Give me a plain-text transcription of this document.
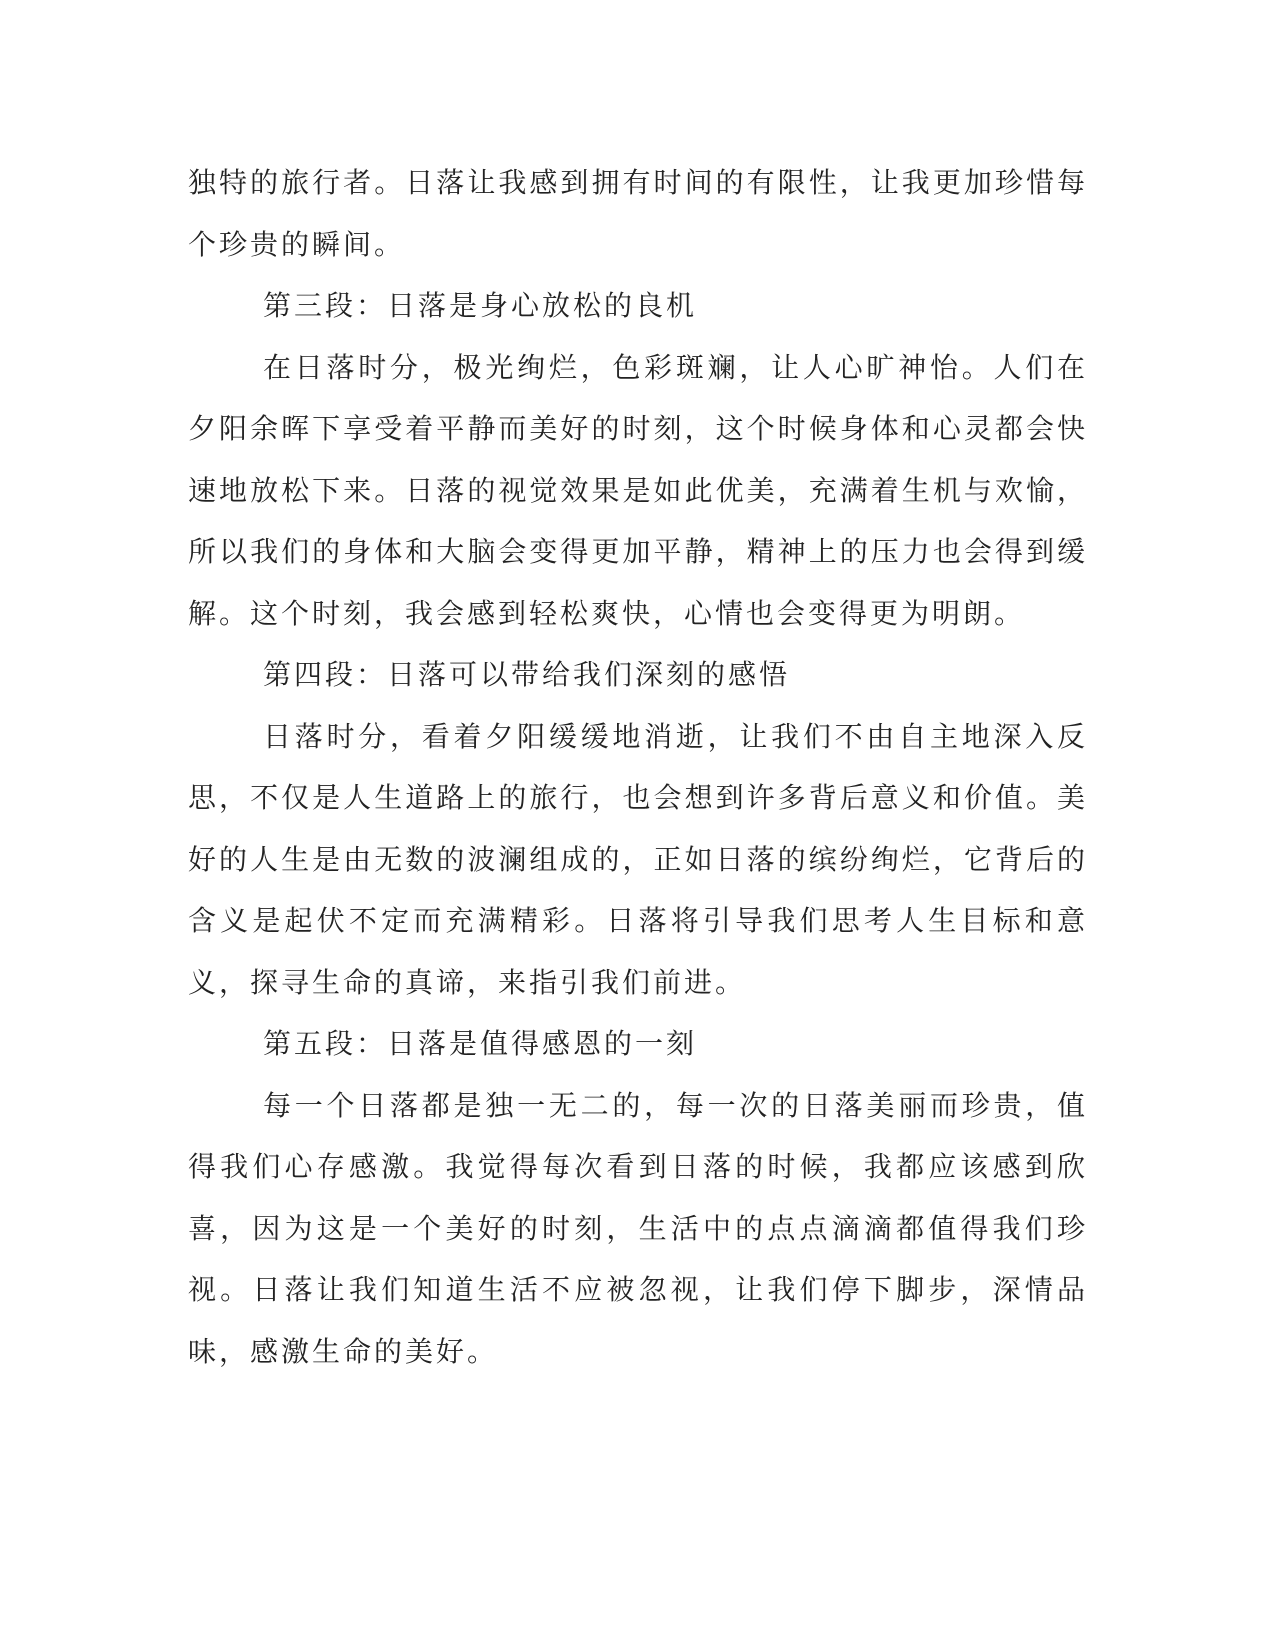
独特的旅行者。日落让我感到拥有时间的有限性，让我更加珍惜每个珍贵的瞬间。

第三段：日落是身心放松的良机

在日落时分，极光绚烂，色彩斑斓，让人心旷神怡。人们在夕阳余晖下享受着平静而美好的时刻，这个时候身体和心灵都会快速地放松下来。日落的视觉效果是如此优美，充满着生机与欢愉，所以我们的身体和大脑会变得更加平静，精神上的压力也会得到缓解。这个时刻，我会感到轻松爽快，心情也会变得更为明朗。

第四段：日落可以带给我们深刻的感悟

日落时分，看着夕阳缓缓地消逝，让我们不由自主地深入反思，不仅是人生道路上的旅行，也会想到许多背后意义和价值。美好的人生是由无数的波澜组成的，正如日落的缤纷绚烂，它背后的含义是起伏不定而充满精彩。日落将引导我们思考人生目标和意义，探寻生命的真谛，来指引我们前进。

第五段：日落是值得感恩的一刻

每一个日落都是独一无二的，每一次的日落美丽而珍贵，值得我们心存感激。我觉得每次看到日落的时候，我都应该感到欣喜，因为这是一个美好的时刻，生活中的点点滴滴都值得我们珍视。日落让我们知道生活不应被忽视，让我们停下脚步，深情品味，感激生命的美好。
